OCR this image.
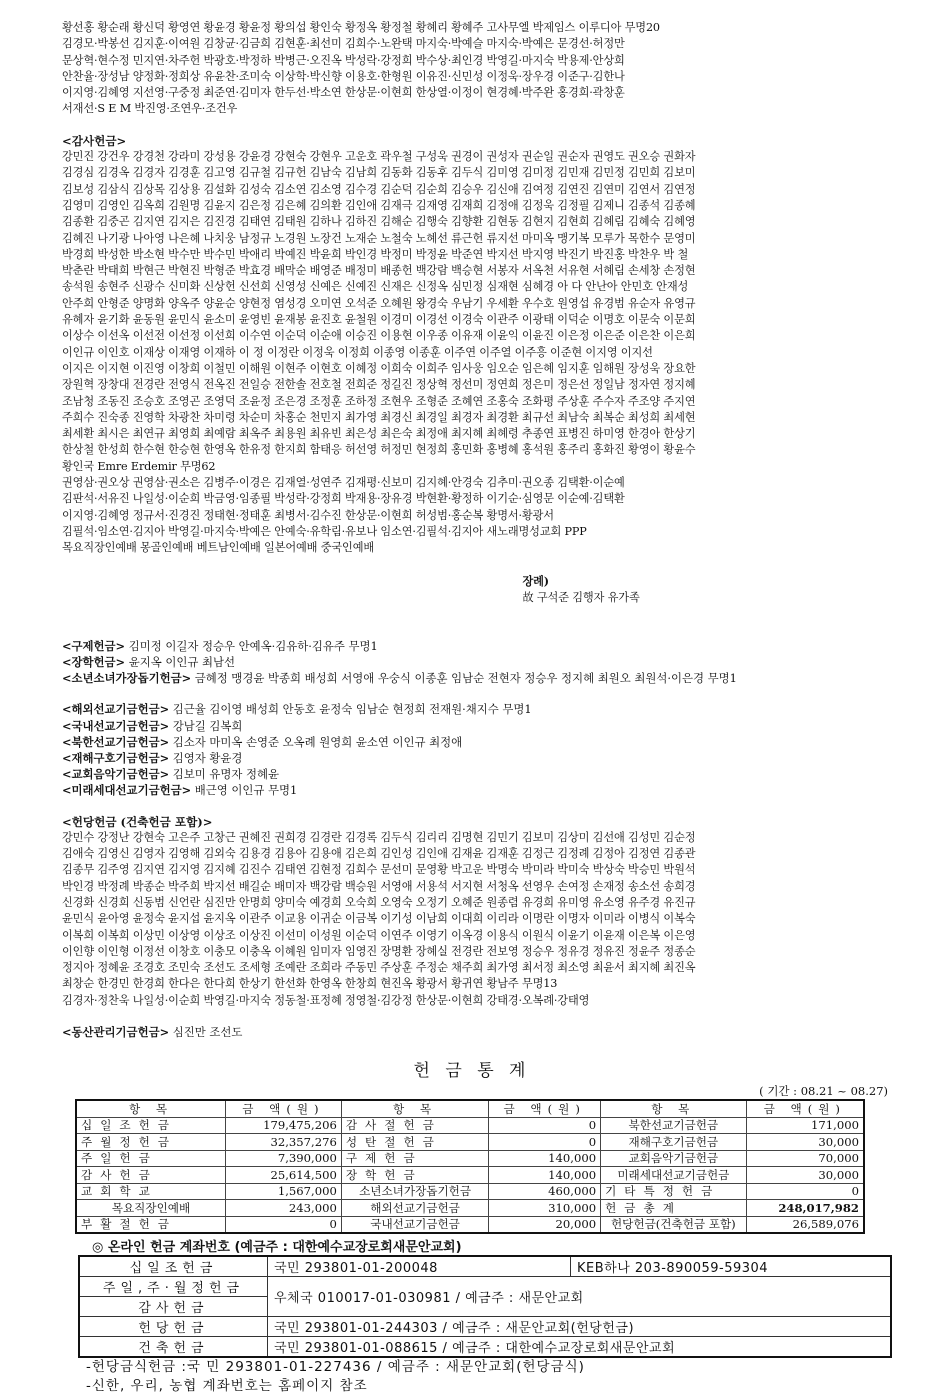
황선홍 황순래 황신덕 황영연 황윤경 황윤정 황의섭 황인숙 황정옥 황정철 황혜리 황혜주 고사무엘 박제임스 이루디아 무명20
김경모·박봉선 김지훈·이여원 김창균·김금희 김현훈·최선미 김희수·노완택 마지숙·박예슬 마지숙·박예은 문경선·허정만
문상혁·현수정 민지연·차주헌 박광호·박정하 박병근·오진옥 박성락·강정희 박수상·최인경 박영길·마지숙 박용제·안상희
안찬율·장성남 양정화·정희상 유윤찬·조미숙 이상학·박신향 이용호·한형원 이유진·신민성 이정욱·장우경 이준구·김한나
이지영·김혜영 지선영·구중정 최준연·김미자 한두선·박소연 한상문·이현희 한상열·이정이 현경혜·박주완 홍경희·곽창훈
서재선·S E M 박진영·조연우·조건우
<감사헌금>
강민진 강건우 강경천 강라미 강성용 강윤경 강현숙 강현우 고운호 곽우철 구성욱 권경이 권성자 권순일 권순자 권영도 권오승 권화자
김경심 김경옥 김경자 김경훈 김고영 김규철 김규헌 김남숙 김남희 김동화 김동후 김두식 김미영 김미정 김민재 김민정 김민희 김보미
김보성 김삼식 김상목 김상용 김설화 김성숙 김소연 김소영 김수경 김순덕 김순희 김승우 김신애 김여정 김연진 김연미 김연서 김연정
김영미 김영인 김옥희 김원명 김윤지 김은정 김은혜 김의환 김인애 김재극 김재영 김재희 김정애 김정욱 김정필 김제니 김종석 김종혜
김종환 김중곤 김지연 김지은 김진경 김태연 김태원 김하나 김하진 김해순 김행숙 김향환 김현동 김현지 김현희 김혜림 김혜숙 김혜영
김혜진 나기광 나아영 나은혜 나치웅 남정규 노경원 노장건 노재순 노철숙 노혜선 류근헌 류지선 마미옥 맹기복 모루가 목한수 문영미
박경희 박성한 박소현 박수만 박수민 박애리 박예진 박윤희 박인경 박정미 박정윤 박준연 박지선 박지영 박진기 박진홍 박찬우 박 철
박춘란 박태희 박현근 박현진 박형준 박효경 배막순 배영준 배정미 배종헌 백강람 백승현 서봉자 서옥천 서유현 서혜림 손세창 손정현
송석원 송현주 신광수 신미화 신상헌 신선희 신영성 신예은 신예진 신재은 신정옥 심민정 심재현 심혜경 아 다 안난아 안민호 안재성
안주희 안형준 양명화 양옥주 양윤순 양현정 염성경 오미연 오석준 오혜원 왕경숙 우남기 우세환 우수호 원영섭 유경범 유순자 유영규
유혜자 윤기화 윤동원 윤민식 윤소미 윤영빈 윤재봉 윤진호 윤철원 이경미 이경선 이경숙 이관주 이광태 이덕순 이명호 이문숙 이문희
이상수 이선옥 이선전 이선정 이선희 이수연 이순덕 이순애 이승진 이용현 이우종 이유재 이윤익 이윤진 이은정 이은준 이은찬 이은희
이인규 이인호 이재상 이재영 이재하 이 정 이정란 이정욱 이정희 이종영 이종훈 이주연 이주열 이주흥 이준현 이지영 이지선
이지은 이지현 이진영 이창희 이철민 이해원 이현주 이현호 이혜정 이희숙 이희주 임사웅 임오순 임은혜 임지훈 임해원 장성욱 장요한
장원혁 장창대 전경란 전영식 전옥진 전일승 전한솔 전호철 전희준 정길진 정상혁 정선미 정연희 정은미 정은선 정일남 정자연 정지혜
조남청 조동진 조승호 조영곤 조영덕 조윤정 조은경 조정훈 조하정 조현우 조형준 조혜연 조홍숙 조화평 주상훈 주수자 주조양 주지연
주희수 진숙종 진영학 차광찬 차미령 차순미 차홍순 천민지 최가영 최경신 최경일 최경자 최경환 최규선 최남숙 최복순 최성희 최세현
최세환 최시은 최연규 최영희 최예람 최옥주 최용원 최유빈 최은성 최은숙 최정애 최지혜 최혜령 추종연 표병진 하미영 한경아 한상기
한상철 한성희 한수현 한승현 한영옥 한유정 한지희 함태응 허선영 허정민 현정희 홍민화 홍병혜 홍석원 홍주리 홍화진 황영이 황윤수
황인국 Emre Erdemir 무명62
권영삼·권오상 권영삼·권소은 김병주·이경은 김재열·성연주 김재평·신보미 김지혜·안경숙 김추미·권오종 김택환·이순예
김판석·서유진 나일성·이순희 박금영·임종필 박성락·강정희 박재용·장유경 박현환·황정하 이기순·심영문 이순예·김택환
이지영·김혜영 정규서·진경진 정태현·정태훈 최병서·김수진 한상문·이현희 허성범·홍순복 황명서·황광서
김필석·임소연·김지아 박영길·마지숙·박예은 안예숙·유학림·유보나 임소연·김필석·김지아 새노래명성교회 PPP
목요직장인예배 몽골인예배 베트남인예배 일본어예배 중국인예배

장례)
故 구석준 김행자 유가족

<구제헌금> 김미정 이길자 정승우 안예옥·김유하·김유주 무명1
<장학헌금> 윤지옥 이인규 최남선
<소년소녀가장돕기헌금> 금혜정 맹경윤 박종희 배성희 서영애 우숭식 이종훈 임남순 전현자 정승우 정지혜 최원오 최원석·이은경 무명1
<해외선교기금헌금> 김근율 김이영 배성희 안동호 윤정숙 임남순 현정희 전재원·채지수 무명1
<국내선교기금헌금> 강남길 김복희
<북한선교기금헌금> 김소자 마미옥 손영준 오옥례 원영희 윤소연 이인규 최정애
<재해구호기금헌금> 김영자 황윤경
<교회음악기금헌금> 김보미 유명자 정혜윤
<미래세대선교기금헌금> 배근영 이인규 무명1
<헌당헌금 (건축헌금 포함)>
강민수 강정난 강현숙 고은주 고창근 권혜진 권희경 김경란 김경록 김두식 김리리 김명현 김민기 김보미 김상미 김선애 김성민 김순정
김애숙 김영신 김영자 김영해 김외숙 김용경 김용아 김용애 김은희 김인성 김인애 김재윤 김재훈 김정근 김정례 김정아 김정연 김종관
김종무 김주영 김지연 김지영 김지혜 김진수 김태연 김현정 김희수 문선미 문영황 박고운 박명숙 박미라 박미숙 박상숙 박승민 박원석
박인경 박정례 박종순 박주희 박지선 배길순 배미자 백강람 백승원 서영애 서용석 서지현 서청옥 선영우 손여정 손재정 송소선 송희경
신경화 신경희 신동범 신언란 심진만 안명희 양미숙 예경희 오숙희 오영숙 오정기 오혜준 원종렴 유경희 유미영 유소영 유주경 유진규
윤민식 윤아영 윤정숙 윤지섭 윤지옥 이관주 이교용 이귀순 이금복 이기성 이남희 이대희 이리라 이명란 이명자 이미라 이병식 이복숙
이복희 이복희 이상민 이상영 이상조 이상진 이선미 이성원 이순덕 이연주 이영기 이옥경 이용식 이원식 이윤기 이윤재 이은복 이은영
이인향 이인형 이정선 이창호 이충모 이충옥 이혜원 임미자 임영진 장명환 장혜실 전경란 전보영 정승우 정유경 정유진 정윤주 정종순
정지아 정혜윤 조경호 조민숙 조선도 조세형 조예란 조희라 주동민 주상훈 주정순 채주희 최가영 최서정 최소영 최윤서 최지혜 최진옥
최창순 한경민 한경희 한다은 한다희 한상기 한선화 한영옥 한창희 현진옥 황광서 황귀연 황남주 무명13
김경자·정찬욱 나일성·이순희 박영길·마지숙 정동철·표정혜 정영철·김강정 한상문·이현희 강태경·오복례·강태영
<동산관리기금헌금> 심진만 조선도
헌 금 통 계
( 기간 : 08.21 ~ 08.27)
항 목	금 액(원)	항 목	금 액(원)	항 목	금 액(원)
십일조헌금	179,475,206	감사절헌금	0	북한선교기금헌금	171,000
주월정헌금	32,357,276	성탄절헌금	0	재해구호기금헌금	30,000
주일헌금	7,390,000	구제헌금	140,000	교회음악기금헌금	70,000
감사헌금	25,614,500	장학헌금	140,000	미래세대선교기금헌금	30,000
교회학교	1,567,000	소년소녀가장돕기헌금	460,000	기타특정헌금	0
목요직장인예배	243,000	해외선교기금헌금	310,000	헌금총계	248,017,982
부활절헌금	0	국내선교기금헌금	20,000	헌당헌금(건축헌금 포함)	26,589,076
◎ 온라인 헌금 계좌번호 (예금주 : 대한예수교장로회새문안교회)
십일조헌금	국민 293801-01-200048	KEB하나 203-890059-59304
주일,주·월정헌금	우체국 010017-01-030981 / 예금주 : 새문안교회	
감사헌금		
헌당헌금	국민 293801-01-244303 / 예금주 : 새문안교회(헌당헌금)	
건축헌금	국민 293801-01-088615 / 예금주 : 대한예수교장로회새문안교회	
-헌당금식헌금 :국 민 293801-01-227436 / 예금주 : 새문안교회(헌당금식)
-신한, 우리, 농협 계좌번호는 홈페이지 참조
